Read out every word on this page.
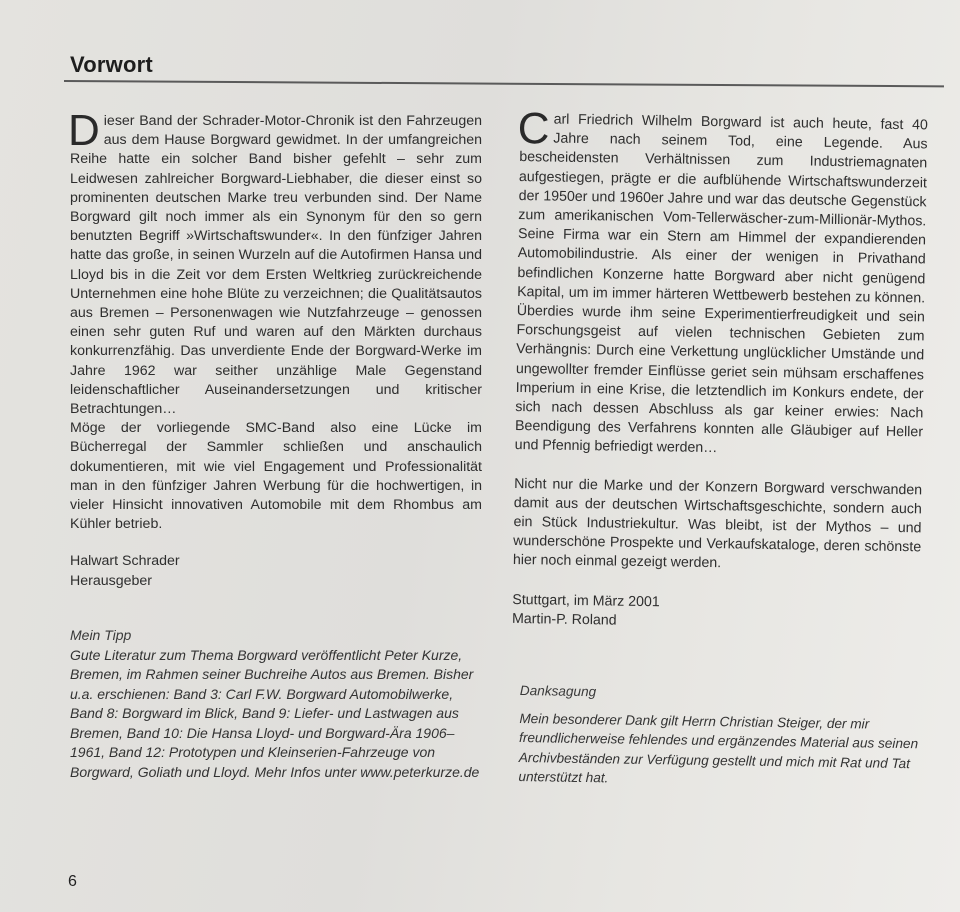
Vorwort

Dieser Band der Schrader-Motor-Chronik ist den Fahrzeugen aus dem Hause Borgward gewidmet. In der umfangreichen Reihe hatte ein solcher Band bisher gefehlt – sehr zum Leidwesen zahlreicher Borgward-Liebhaber, die dieser einst so prominenten deutschen Marke treu verbunden sind. Der Name Borgward gilt noch immer als ein Synonym für den so gern benutzten Begriff »Wirtschaftswunder«. In den fünfziger Jahren hatte das große, in seinen Wurzeln auf die Autofirmen Hansa und Lloyd bis in die Zeit vor dem Ersten Weltkrieg zurückreichende Unternehmen eine hohe Blüte zu verzeichnen; die Qualitätsautos aus Bremen – Personenwagen wie Nutzfahrzeuge – genossen einen sehr guten Ruf und waren auf den Märkten durchaus konkurrenzfähig. Das unverdiente Ende der Borgward-Werke im Jahre 1962 war seither unzählige Male Gegenstand leidenschaftlicher Auseinandersetzungen und kritischer Betrachtungen…

Möge der vorliegende SMC-Band also eine Lücke im Bücherregal der Sammler schließen und anschaulich dokumentieren, mit wie viel Engagement und Professionalität man in den fünfziger Jahren Werbung für die hochwertigen, in vieler Hinsicht innovativen Automobile mit dem Rhombus am Kühler betrieb.

Halwart Schrader
Herausgeber
Mein Tipp
Gute Literatur zum Thema Borgward veröffentlicht Peter Kurze, Bremen, im Rahmen seiner Buchreihe Autos aus Bremen. Bisher u.a. erschienen: Band 3: Carl F.W. Borgward Automobilwerke, Band 8: Borgward im Blick, Band 9: Liefer- und Lastwagen aus Bremen, Band 10: Die Hansa Lloyd- und Borgward-Ära 1906–1961, Band 12: Prototypen und Kleinserien-Fahrzeuge von Borgward, Goliath und Lloyd. Mehr Infos unter www.peterkurze.de

Carl Friedrich Wilhelm Borgward ist auch heute, fast 40 Jahre nach seinem Tod, eine Legende. Aus bescheidensten Verhältnissen zum Industriemagnaten aufgestiegen, prägte er die aufblühende Wirtschaftswunderzeit der 1950er und 1960er Jahre und war das deutsche Gegenstück zum amerikanischen Vom-Tellerwäscher-zum-Millionär-Mythos. Seine Firma war ein Stern am Himmel der expandierenden Automobilindustrie. Als einer der wenigen in Privathand befindlichen Konzerne hatte Borgward aber nicht genügend Kapital, um im immer härteren Wettbewerb bestehen zu können. Überdies wurde ihm seine Experimentierfreudigkeit und sein Forschungsgeist auf vielen technischen Gebieten zum Verhängnis: Durch eine Verkettung unglücklicher Umstände und ungewollter fremder Einflüsse geriet sein mühsam erschaffenes Imperium in eine Krise, die letztendlich im Konkurs endete, der sich nach dessen Abschluss als gar keiner erwies: Nach Beendigung des Verfahrens konnten alle Gläubiger auf Heller und Pfennig befriedigt werden…

Nicht nur die Marke und der Konzern Borgward verschwanden damit aus der deutschen Wirtschaftsgeschichte, sondern auch ein Stück Industriekultur. Was bleibt, ist der Mythos – und wunderschöne Prospekte und Verkaufskataloge, deren schönste hier noch einmal gezeigt werden.

Stuttgart, im März 2001
Martin-P. Roland
Danksagung
Mein besonderer Dank gilt Herrn Christian Steiger, der mir freundlicherweise fehlendes und ergänzendes Material aus seinen Archivbeständen zur Verfügung gestellt und mich mit Rat und Tat unterstützt hat.
6
